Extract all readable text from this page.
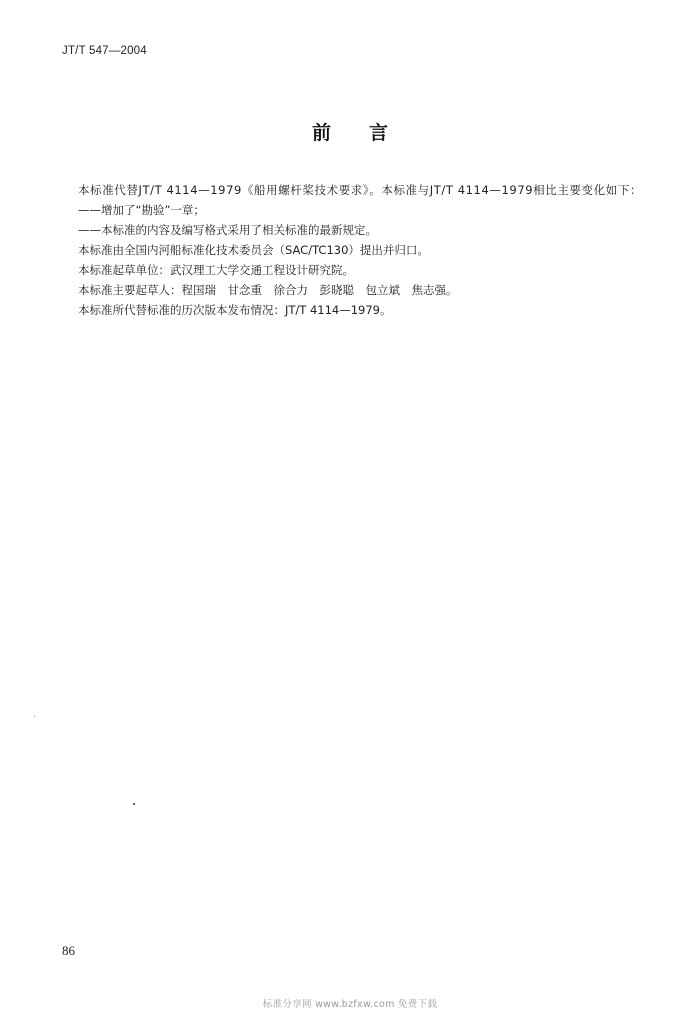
JT/T 547—2004
前言

本标准代替JT/T 4114—1979《船用螺杆桨技术要求》。本标准与JT/T 4114—1979相比主要变化如下：

——增加了“勘验”一章；

——本标准的内容及编写格式采用了相关标准的最新规定。

本标准由全国内河船标准化技术委员会（SAC/TC130）提出并归口。

本标准起草单位：武汉理工大学交通工程设计研究院。

本标准主要起草人：程国瑞　甘念重　徐合力　彭晓聪　包立斌　焦志强。

本标准所代替标准的历次版本发布情况：JT/T 4114—1979。

86
标准分享网 www.bzfxw.com 免费下载
